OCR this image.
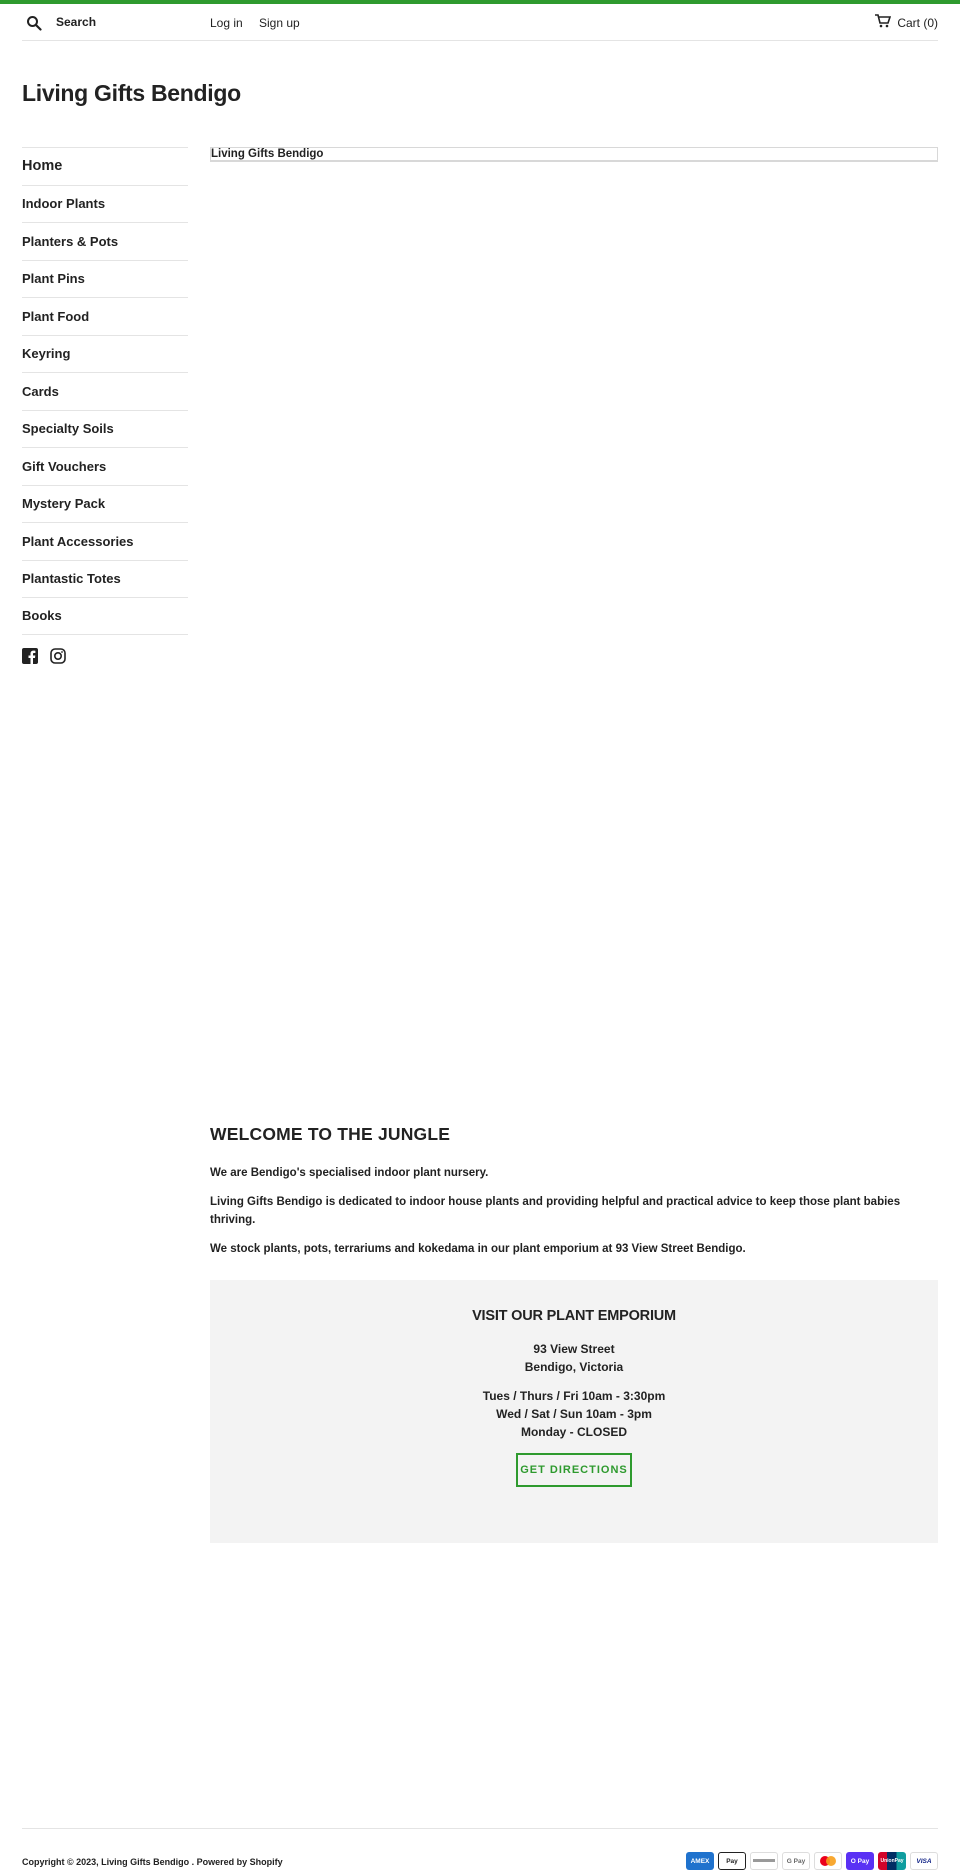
Search
Log in Sign up	Cart (0)
Living Gifts Bendigo
Home
Indoor Plants
Planters & Pots
Plant Pins
Plant Food
Keyring
Cards
Specialty Soils
Gift Vouchers
Mystery Pack
Plant Accessories
Plantastic Totes
Books
Living Gifts Bendigo
WELCOME TO THE JUNGLE

We are Bendigo's specialised indoor plant nursery.

Living Gifts Bendigo is dedicated to indoor house plants and providing helpful and practical advice to keep those plant babies thriving.

We stock plants, pots, terrariums and kokedama in our plant emporium at 93 View Street Bendigo.

VISIT OUR PLANT EMPORIUM
93 View Street
Bendigo, Victoria
Tues / Thurs / Fri 10am - 3:30pm
Wed / Sat / Sun 10am - 3pm
Monday - CLOSED
GET DIRECTIONS
Copyright © 2023, Living Gifts Bendigo . Powered by Shopify	AMEX	Pay	G Pay	O Pay	UnionPay	VISA
